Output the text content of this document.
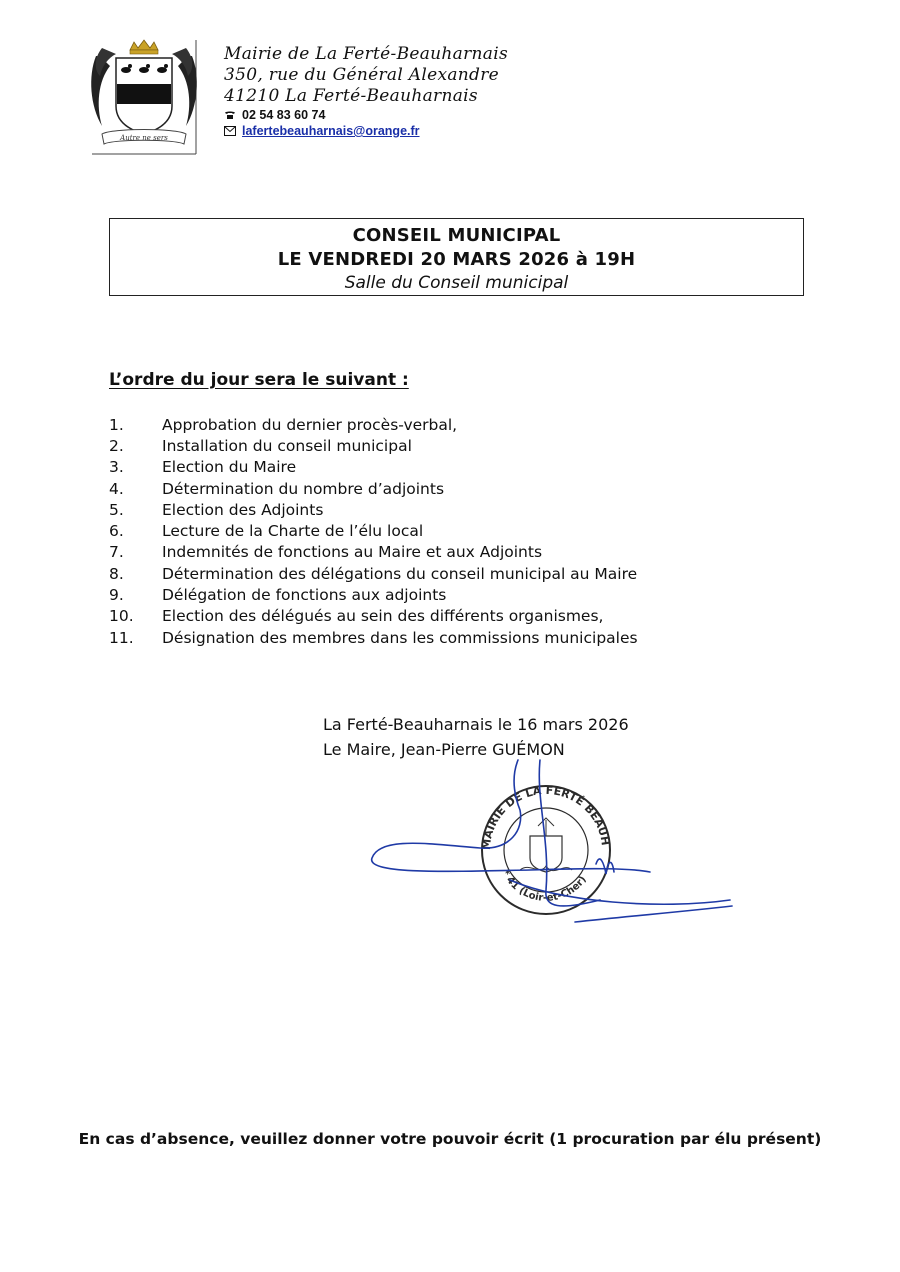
Autre ne sers
Mairie de La Ferté-Beauharnais
350, rue du Général Alexandre
41210 La Ferté-Beauharnais
02 54 83 60 74
lafertebeauharnais@orange.fr
CONSEIL MUNICIPAL
LE VENDREDI 20 MARS 2026 à 19H
Salle du Conseil municipal
L’ordre du jour sera le suivant :
1.	Approbation du dernier procès-verbal,
2.	Installation du conseil municipal
3.	Election du Maire
4.	Détermination du nombre d’adjoints
5.	Election des Adjoints
6.	Lecture de la Charte de l’élu local
7.	Indemnités de fonctions au Maire et aux Adjoints
8.	Détermination des délégations du conseil municipal au Maire
9.	Délégation de fonctions aux adjoints
10.	Election des délégués au sein des différents organismes,
11.	Désignation des membres dans les commissions municipales
La Ferté-Beauharnais le 16 mars 2026
Le Maire, Jean-Pierre GUÉMON
MAIRIE DE LA FERTÉ BEAUH
* 41 (Loir-et-Cher)
En cas d’absence, veuillez donner votre pouvoir écrit (1 procuration par élu présent)
